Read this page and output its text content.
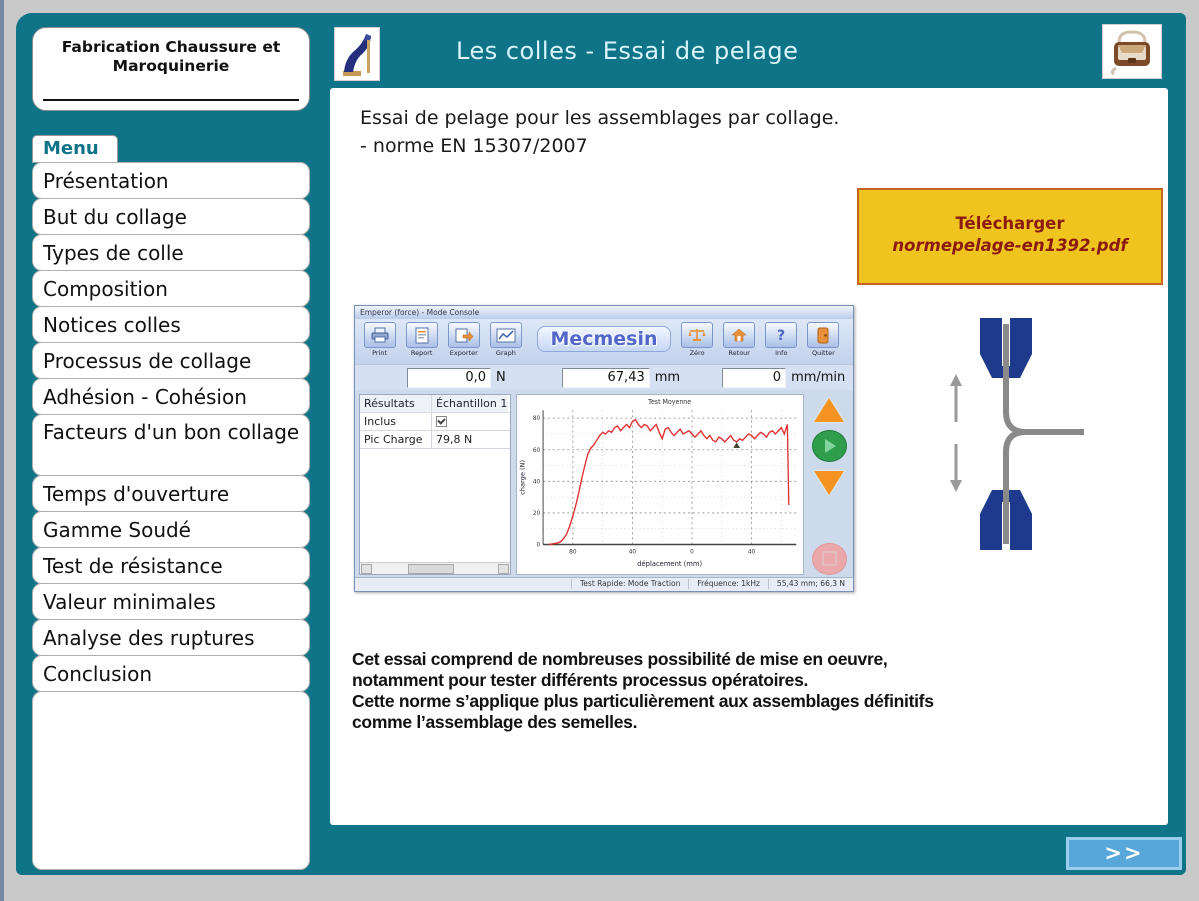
Fabrication Chaussure et Maroquinerie
Menu
Présentation
But du collage
Types de colle
Composition
Notices colles
Processus de collage
Adhésion - Cohésion
Facteurs d'un bon collage
Temps d'ouverture
Gamme Soudé
Test de résistance
Valeur minimales
Analyse des ruptures
Conclusion
Les colles - Essai de pelage
Essai de pelage pour les assemblages par collage.
- norme EN 15307/2007
Télécharger
normepelage-en1392.pdf
Emperor (force) - Mode Console
Print	Report	Exporter	Graph
Mecmesin
Zéro	Retour
?
Info	Quitter
0,0 N	67,43 mm	0 mm/min
Résultats	Échantillon 1
Inclus
Pic Charge	79,8 N
0
20
40
60
80
80	40	0	40
Test Moyenne
déplacement (mm)
charge (N)
Test Rapide: Mode Traction	Fréquence: 1kHz	55,43 mm; 66,3 N
Cet essai comprend de nombreuses possibilité de mise en oeuvre,
notamment pour tester différents processus opératoires.
Cette norme s’applique plus particulièrement aux assemblages définitifs
comme l’assemblage des semelles.
>>
